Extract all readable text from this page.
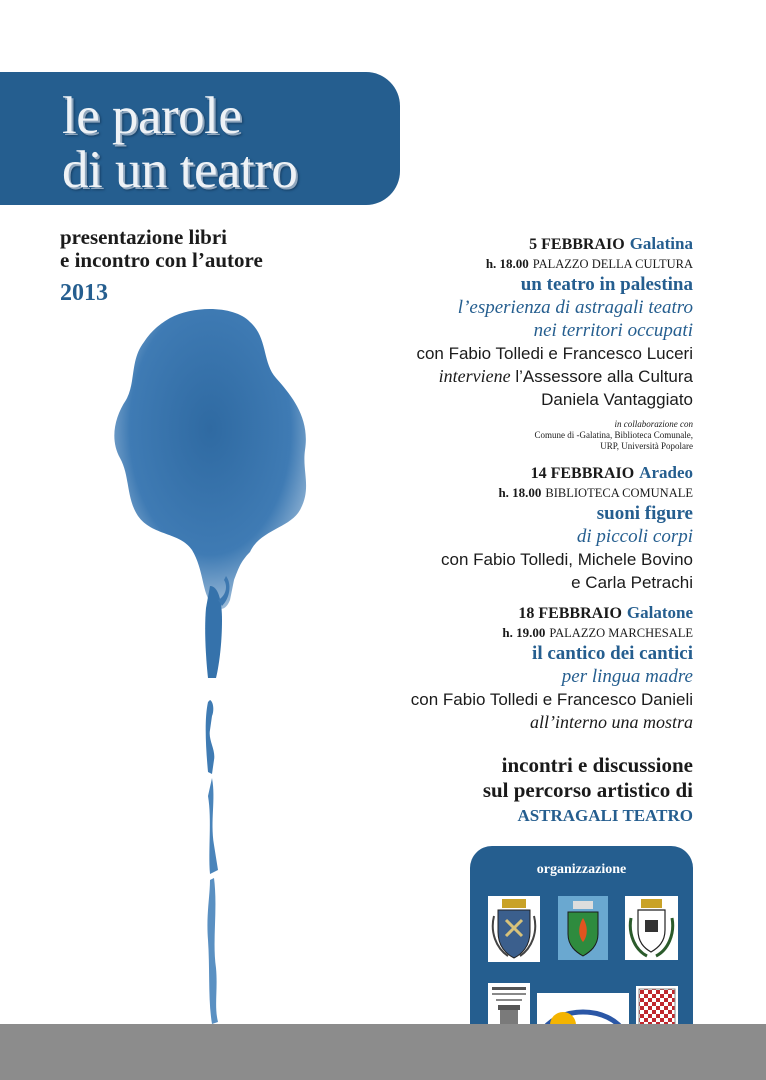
le parole
di un teatro
presentazione libri
e incontro con l’autore
2013
5 FEBBRAIO Galatina
h. 18.00 PALAZZO DELLA CULTURA
un teatro in palestina
l’esperienza di astragali teatro
nei territori occupati
con Fabio Tolledi e Francesco Luceri
interviene l’Assessore alla Cultura
Daniela Vantaggiato
in collaborazione con
Comune di -Galatina, Biblioteca Comunale,
URP, Università Popolare
14 FEBBRAIO Aradeo
h. 18.00 BIBLIOTECA COMUNALE
suoni figure
di piccoli corpi
con Fabio Tolledi, Michele Bovino
e Carla Petrachi
18 FEBBRAIO Galatone
h. 19.00 PALAZZO MARCHESALE
il cantico dei cantici
per lingua madre
con Fabio Tolledi e Francesco Danieli
all’interno una mostra
incontri e discussione
sul percorso artistico di
ASTRAGALI TEATRO
organizzazione
